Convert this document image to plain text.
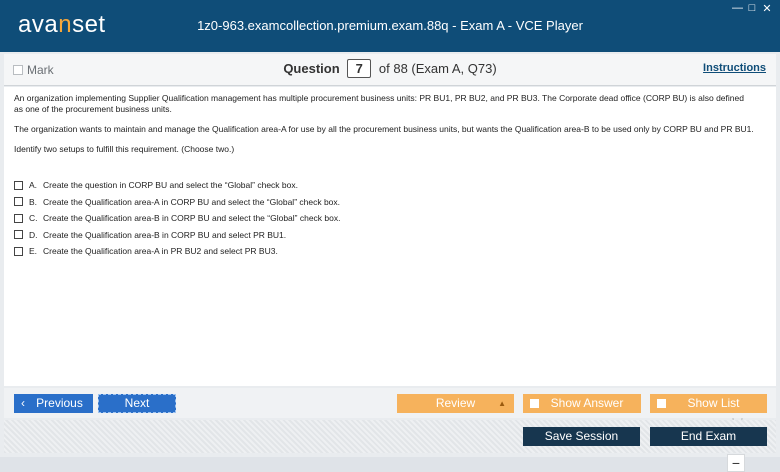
avanset	1z0-963.examcollection.premium.exam.88q - Exam A - VCE Player
— □ ✕
Mark	Question 7 of 88 (Exam A, Q73)	Instructions

An organization implementing Supplier Qualification management has multiple procurement business units: PR BU1, PR BU2, and PR BU3. The Corporate dead office (CORP BU) is also defined as one of the procurement business units.

The organization wants to maintain and manage the Qualification area-A for use by all the procurement business units, but wants the Qualification area-B to be used only by CORP BU and PR BU1.

Identify two setups to fulfill this requirement. (Choose two.)

A. Create the question in CORP BU and select the “Global” check box.
B. Create the Qualification area-A in CORP BU and select the “Global” check box.
C. Create the Qualification area-B in CORP BU and select the “Global” check box.
D. Create the Qualification area-B in CORP BU and select PR BU1.
E. Create the Qualification area-A in PR BU2 and select PR BU3.
−
‹ Previous	Next	Review	▲	Show Answer	Show List
Save Session	End Exam
